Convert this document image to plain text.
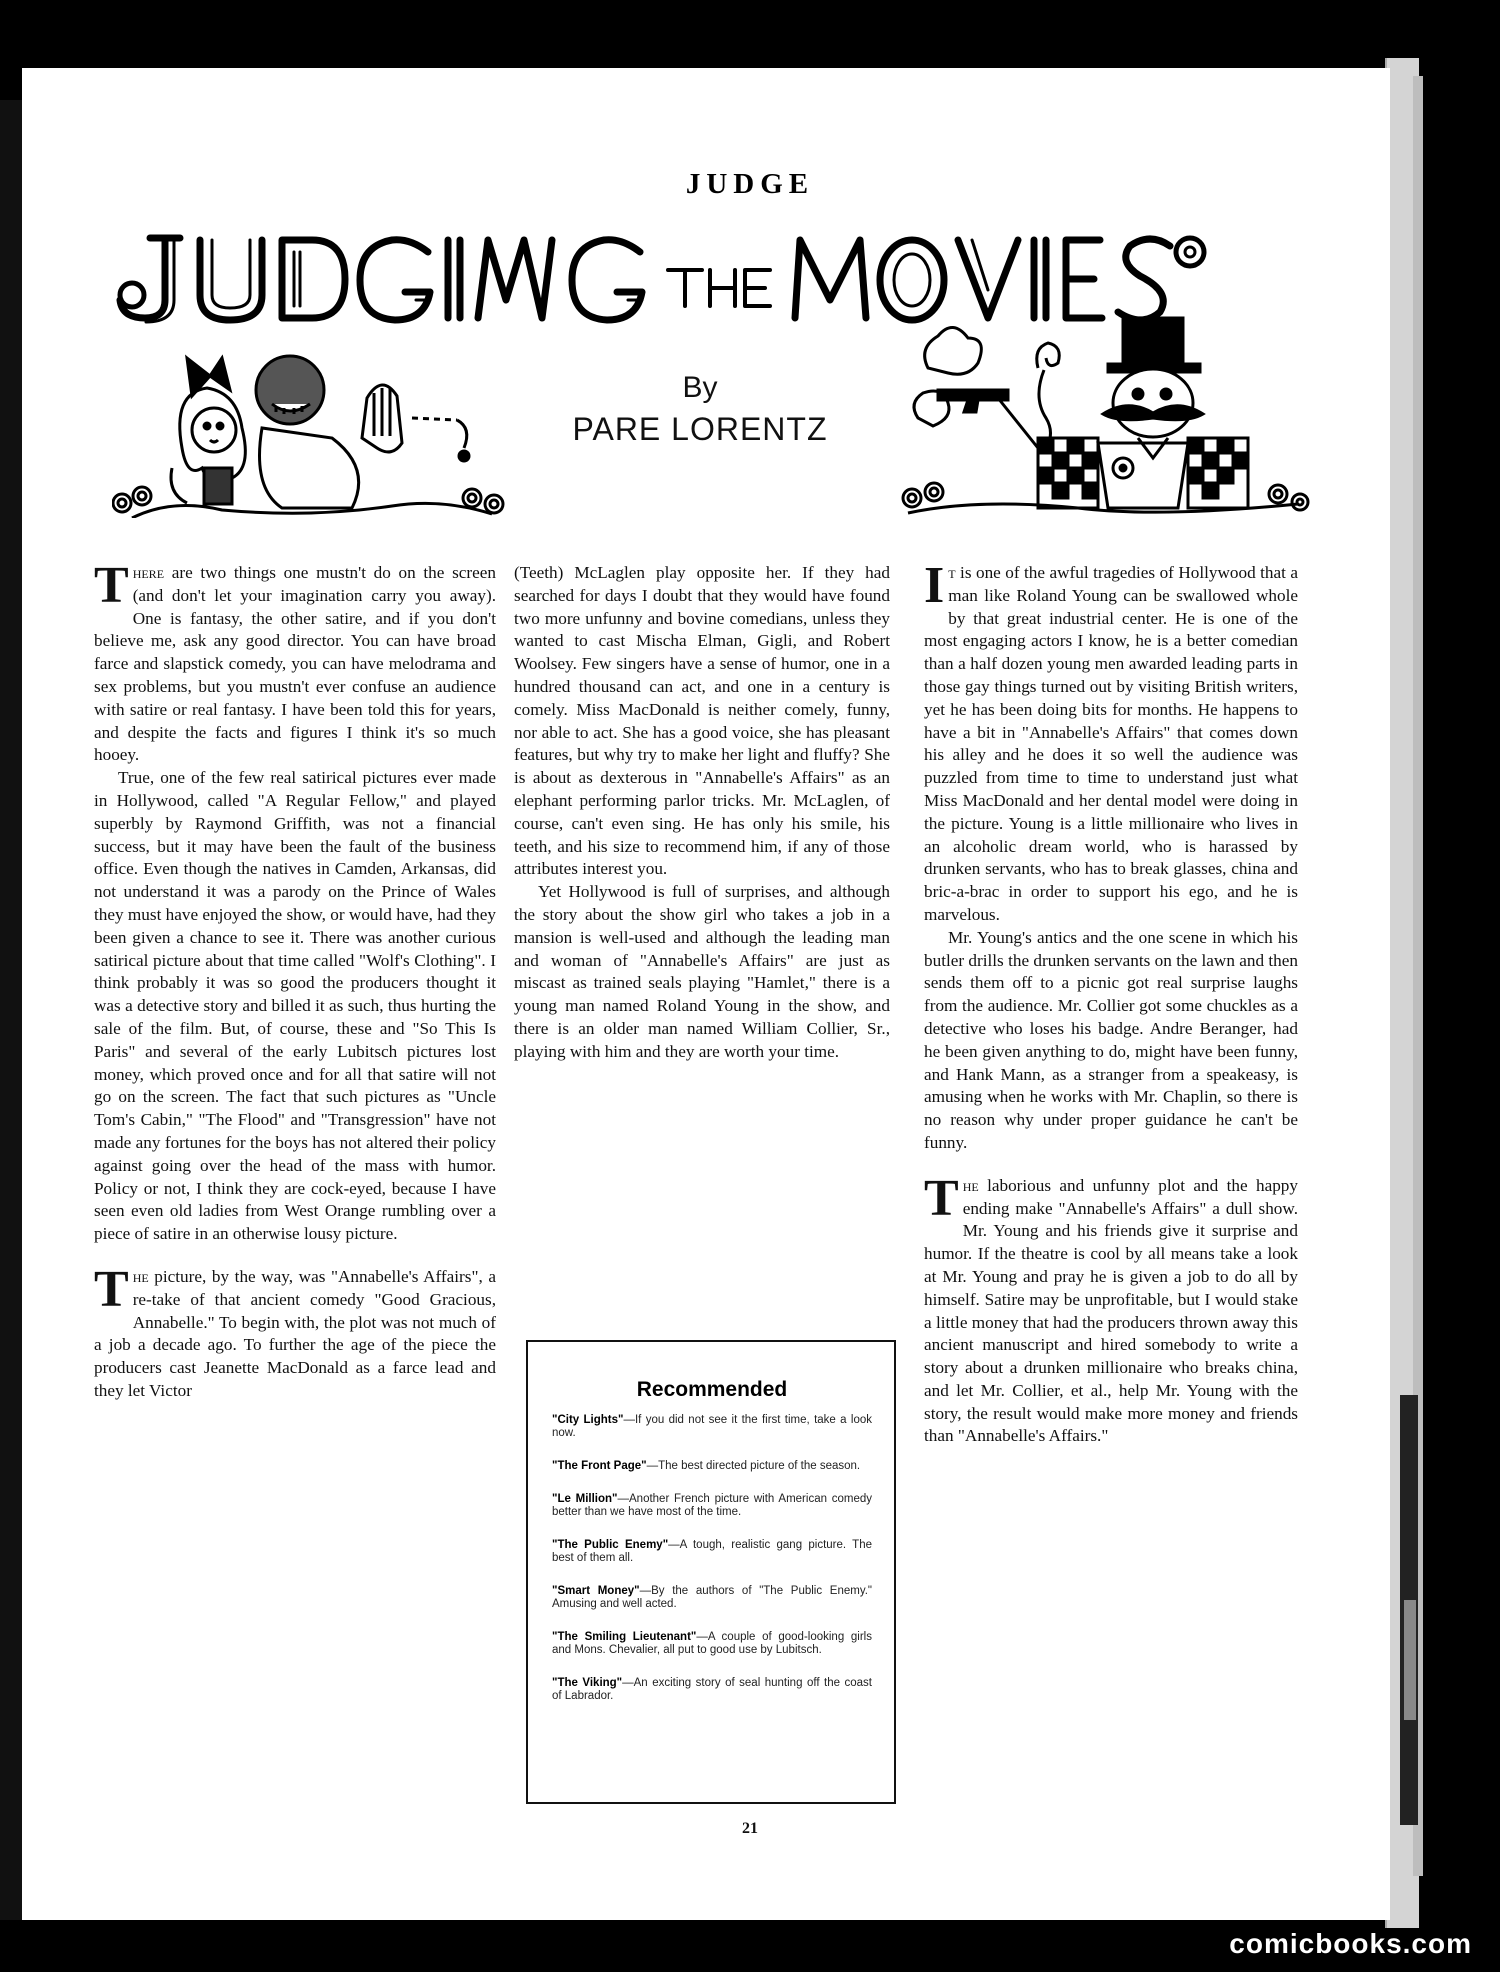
JUDGE
By
PARE LORENTZ

There are two things one mustn't do on the screen (and don't let your imagination carry you away). One is fantasy, the other satire, and if you don't believe me, ask any good director. You can have broad farce and slapstick comedy, you can have melodrama and sex problems, but you mustn't ever confuse an audience with satire or real fantasy. I have been told this for years, and despite the facts and figures I think it's so much hooey.

True, one of the few real satirical pictures ever made in Hollywood, called "A Regular Fellow," and played superbly by Raymond Griffith, was not a financial success, but it may have been the fault of the business office. Even though the natives in Camden, Arkansas, did not understand it was a parody on the Prince of Wales they must have enjoyed the show, or would have, had they been given a chance to see it. There was another curious satirical picture about that time called "Wolf's Clothing". I think probably it was so good the producers thought it was a detective story and billed it as such, thus hurting the sale of the film. But, of course, these and "So This Is Paris" and several of the early Lubitsch pictures lost money, which proved once and for all that satire will not go on the screen. The fact that such pictures as "Uncle Tom's Cabin," "The Flood" and "Transgression" have not made any fortunes for the boys has not altered their policy against going over the head of the mass with humor. Policy or not, I think they are cock-eyed, because I have seen even old ladies from West Orange rumbling over a piece of satire in an otherwise lousy picture.

The picture, by the way, was "Annabelle's Affairs", a re-take of that ancient comedy "Good Gracious, Annabelle." To begin with, the plot was not much of a job a decade ago. To further the age of the piece the producers cast Jeanette MacDonald as a farce lead and they let Victor

(Teeth) McLaglen play opposite her. If they had searched for days I doubt that they would have found two more unfunny and bovine comedians, unless they wanted to cast Mischa Elman, Gigli, and Robert Woolsey. Few singers have a sense of humor, one in a hundred thousand can act, and one in a century is comely. Miss MacDonald is neither comely, funny, nor able to act. She has a good voice, she has pleasant features, but why try to make her light and fluffy? She is about as dexterous in "Annabelle's Affairs" as an elephant performing parlor tricks. Mr. McLaglen, of course, can't even sing. He has only his smile, his teeth, and his size to recommend him, if any of those attributes interest you.

Yet Hollywood is full of surprises, and although the story about the show girl who takes a job in a mansion is well-used and although the leading man and woman of "Annabelle's Affairs" are just as miscast as trained seals playing "Hamlet," there is a young man named Roland Young in the show, and there is an older man named William Collier, Sr., playing with him and they are worth your time.

Recommended

"City Lights"—If you did not see it the first time, take a look now.

"The Front Page"—The best directed picture of the season.

"Le Million"—Another French picture with American comedy better than we have most of the time.

"The Public Enemy"—A tough, realistic gang picture. The best of them all.

"Smart Money"—By the authors of "The Public Enemy." Amusing and well acted.

"The Smiling Lieutenant"—A couple of good-looking girls and Mons. Chevalier, all put to good use by Lubitsch.

"The Viking"—An exciting story of seal hunting off the coast of Labrador.

It is one of the awful tragedies of Hollywood that a man like Roland Young can be swallowed whole by that great industrial center. He is one of the most engaging actors I know, he is a better comedian than a half dozen young men awarded leading parts in those gay things turned out by visiting British writers, yet he has been doing bits for months. He happens to have a bit in "Annabelle's Affairs" that comes down his alley and he does it so well the audience was puzzled from time to time to understand just what Miss MacDonald and her dental model were doing in the picture. Young is a little millionaire who lives in an alcoholic dream world, who is harassed by drunken servants, who has to break glasses, china and bric-a-brac in order to support his ego, and he is marvelous.

Mr. Young's antics and the one scene in which his butler drills the drunken servants on the lawn and then sends them off to a picnic got real surprise laughs from the audience. Mr. Collier got some chuckles as a detective who loses his badge. Andre Beranger, had he been given anything to do, might have been funny, and Hank Mann, as a stranger from a speakeasy, is amusing when he works with Mr. Chaplin, so there is no reason why under proper guidance he can't be funny.

The laborious and unfunny plot and the happy ending make "Annabelle's Affairs" a dull show. Mr. Young and his friends give it surprise and humor. If the theatre is cool by all means take a look at Mr. Young and pray he is given a job to do all by himself. Satire may be unprofitable, but I would stake a little money that had the producers thrown away this ancient manuscript and hired somebody to write a story about a drunken millionaire who breaks china, and let Mr. Collier, et al., help Mr. Young with the story, the result would make more money and friends than "Annabelle's Affairs."

21
comicbooks.com
